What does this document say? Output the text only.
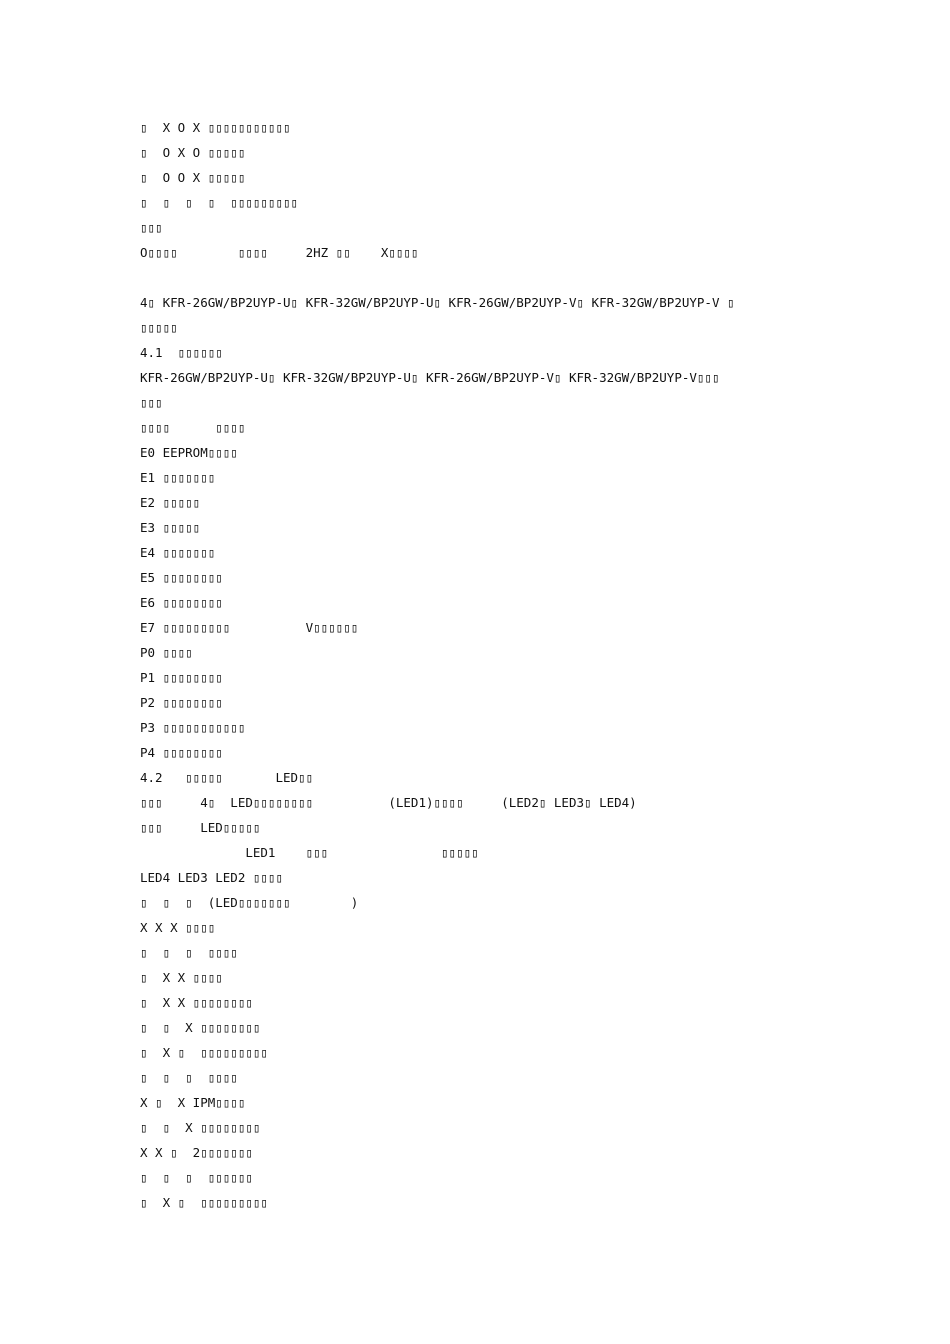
▯  X O X ▯▯▯▯▯▯▯▯▯▯▯
▯  O X O ▯▯▯▯▯
▯  O O X ▯▯▯▯▯
▯  ▯  ▯  ▯  ▯▯▯▯▯▯▯▯▯
▯▯▯
O▯▯▯▯        ▯▯▯▯     2HZ ▯▯    X▯▯▯▯
4▯ KFR-26GW/BP2UYP-U▯ KFR-32GW/BP2UYP-U▯ KFR-26GW/BP2UYP-V▯ KFR-32GW/BP2UYP-V ▯
▯▯▯▯▯
4.1  ▯▯▯▯▯▯
KFR-26GW/BP2UYP-U▯ KFR-32GW/BP2UYP-U▯ KFR-26GW/BP2UYP-V▯ KFR-32GW/BP2UYP-V▯▯▯
▯▯▯
▯▯▯▯      ▯▯▯▯
E0 EEPROM▯▯▯▯
E1 ▯▯▯▯▯▯▯
E2 ▯▯▯▯▯
E3 ▯▯▯▯▯
E4 ▯▯▯▯▯▯▯
E5 ▯▯▯▯▯▯▯▯
E6 ▯▯▯▯▯▯▯▯
E7 ▯▯▯▯▯▯▯▯▯          V▯▯▯▯▯▯
P0 ▯▯▯▯
P1 ▯▯▯▯▯▯▯▯
P2 ▯▯▯▯▯▯▯▯
P3 ▯▯▯▯▯▯▯▯▯▯▯
P4 ▯▯▯▯▯▯▯▯
4.2   ▯▯▯▯▯       LED▯▯
▯▯▯     4▯  LED▯▯▯▯▯▯▯▯          (LED1)▯▯▯▯     (LED2▯ LED3▯ LED4)
▯▯▯     LED▯▯▯▯▯
LED1    ▯▯▯               ▯▯▯▯▯
LED4 LED3 LED2 ▯▯▯▯
▯  ▯  ▯  (LED▯▯▯▯▯▯▯        )
X X X ▯▯▯▯
▯  ▯  ▯  ▯▯▯▯
▯  X X ▯▯▯▯
▯  X X ▯▯▯▯▯▯▯▯
▯  ▯  X ▯▯▯▯▯▯▯▯
▯  X ▯  ▯▯▯▯▯▯▯▯▯
▯  ▯  ▯  ▯▯▯▯
X ▯  X IPM▯▯▯▯
▯  ▯  X ▯▯▯▯▯▯▯▯
X X ▯  2▯▯▯▯▯▯▯
▯  ▯  ▯  ▯▯▯▯▯▯
▯  X ▯  ▯▯▯▯▯▯▯▯▯
